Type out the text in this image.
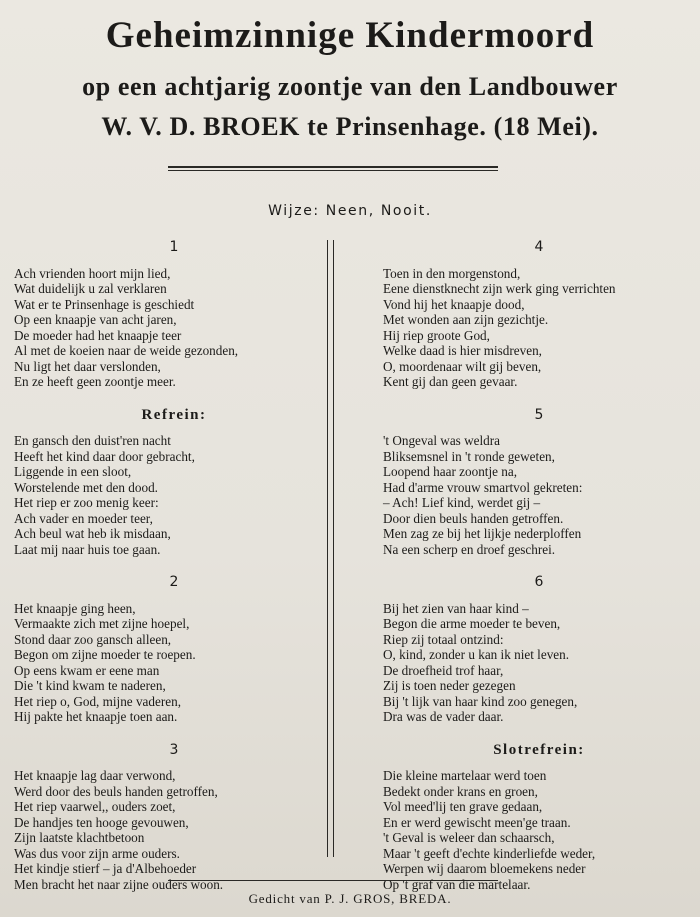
Geheimzinnige Kindermoord
op een achtjarig zoontje van den Landbouwer
W. V. D. BROEK te Prinsenhage. (18 Mei).
Wijze: Neen, Nooit.
1
Ach vrienden hoort mijn lied,
Wat duidelijk u zal verklaren
Wat er te Prinsenhage is geschiedt
Op een knaapje van acht jaren,
De moeder had het knaapje teer
Al met de koeien naar de weide gezonden,
Nu ligt het daar verslonden,
En ze heeft geen zoontje meer.
Refrein:
En gansch den duist'ren nacht
Heeft het kind daar door gebracht,
Liggende in een sloot,
Worstelende met den dood.
Het riep er zoo menig keer:
Ach vader en moeder teer,
Ach beul wat heb ik misdaan,
Laat mij naar huis toe gaan.
2
Het knaapje ging heen,
Vermaakte zich met zijne hoepel,
Stond daar zoo gansch alleen,
Begon om zijne moeder te roepen.
Op eens kwam er eene man
Die 't kind kwam te naderen,
Het riep o, God, mijne vaderen,
Hij pakte het knaapje toen aan.
3
Het knaapje lag daar verwond,
Werd door des beuls handen getroffen,
Het riep vaarwel,, ouders zoet,
De handjes ten hooge gevouwen,
Zijn laatste klachtbetoon
Was dus voor zijn arme ouders.
Het kindje stierf – ja d'Albehoeder
Men bracht het naar zijne ouders woon.
4
Toen in den morgenstond,
Eene dienstknecht zijn werk ging verrichten
Vond hij het knaapje dood,
Met wonden aan zijn gezichtje.
Hij riep groote God,
Welke daad is hier misdreven,
O, moordenaar wilt gij beven,
Kent gij dan geen gevaar.
5
't Ongeval was weldra
Bliksemsnel in 't ronde geweten,
Loopend haar zoontje na,
Had d'arme vrouw smartvol gekreten:
– Ach! Lief kind, werdet gij –
Door dien beuls handen getroffen.
Men zag ze bij het lijkje nederploffen
Na een scherp en droef geschrei.
6
Bij het zien van haar kind –
Begon die arme moeder te beven,
Riep zij totaal ontzind:
O, kind, zonder u kan ik niet leven.
De droefheid trof haar,
Zij is toen neder gezegen
Bij 't lijk van haar kind zoo genegen,
Dra was de vader daar.
Slotrefrein:
Die kleine martelaar werd toen
Bedekt onder krans en groen,
Vol meed'lij ten grave gedaan,
En er werd gewischt meen'ge traan.
't Geval is weleer dan schaarsch,
Maar 't geeft d'echte kinderliefde weder,
Werpen wij daarom bloemekens neder
Op 't graf van die martelaar.
Gedicht van P. J. GROS, BREDA.
